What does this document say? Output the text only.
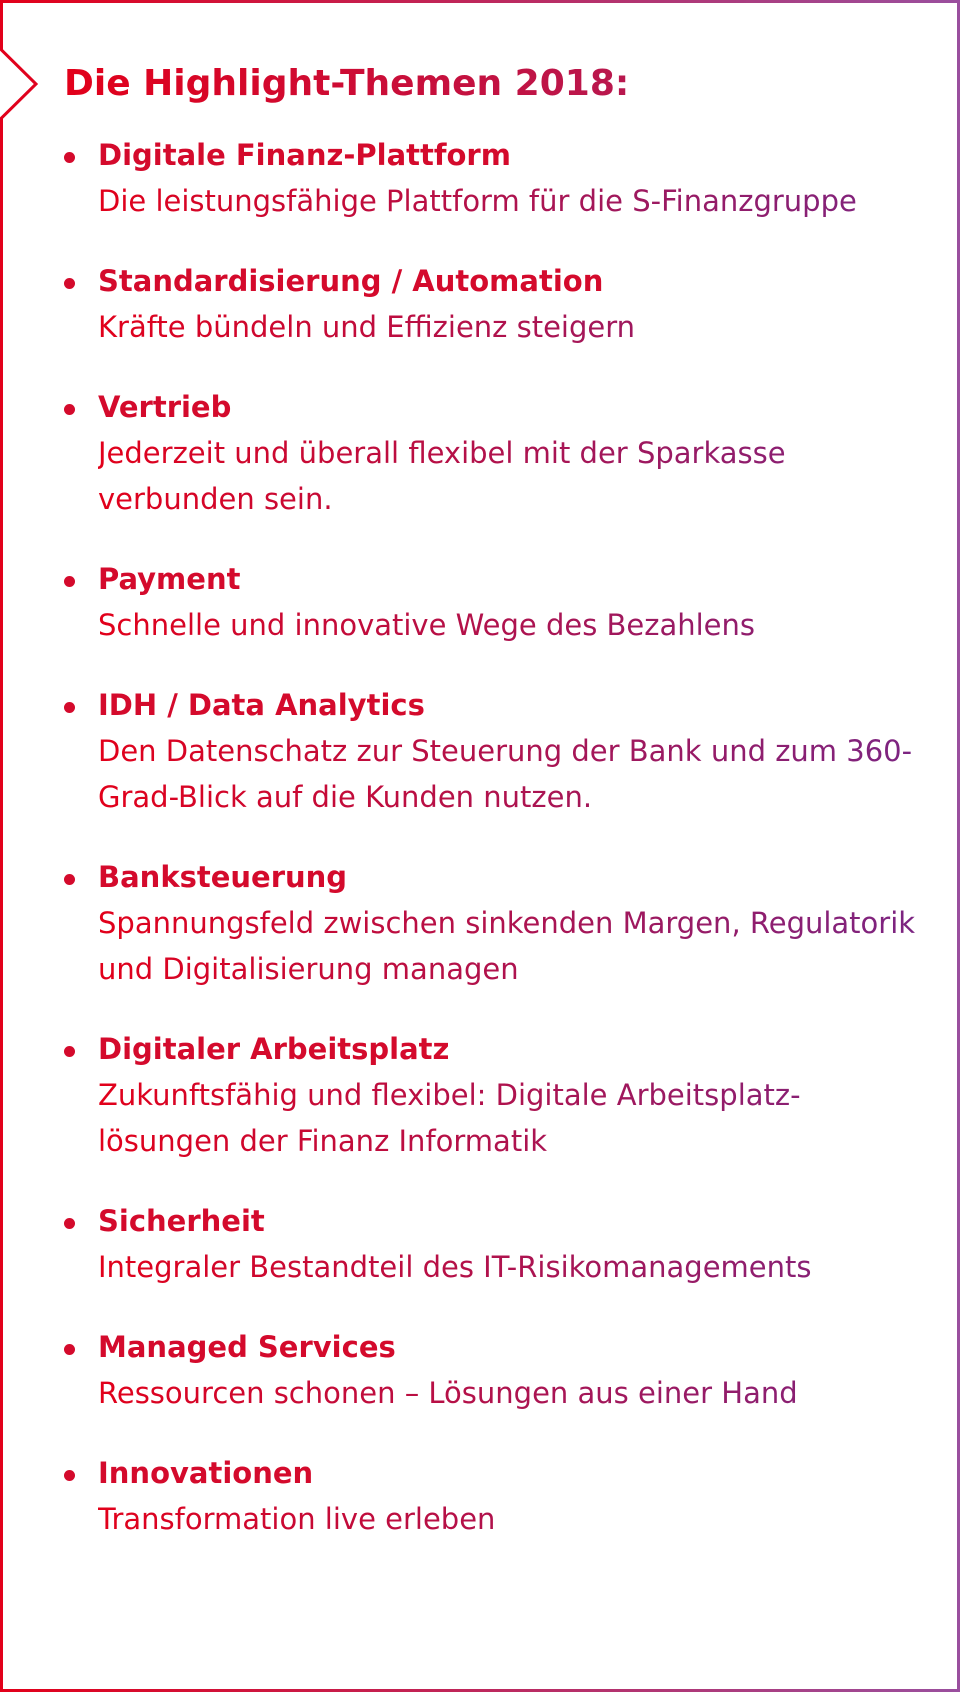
Die Highlight-Themen 2018:
Digitale Finanz-Plattform
Die leistungsfähige Plattform für die S-Finanzgruppe
Standardisierung / Automation
Kräfte bündeln und Effizienz steigern
Vertrieb
Jederzeit und überall flexibel mit der Sparkasse verbunden sein.
Payment
Schnelle und innovative Wege des Bezahlens
IDH / Data Analytics
Den Datenschatz zur Steuerung der Bank und zum 360-Grad-Blick auf die Kunden nutzen.
Banksteuerung
Spannungsfeld zwischen sinkenden Margen, Regulatorik und Digitalisierung managen
Digitaler Arbeitsplatz
Zukunftsfähig und flexibel: Digitale Arbeitsplatz-lösungen der Finanz Informatik
Sicherheit
Integraler Bestandteil des IT-Risikomanagements
Managed Services
Ressourcen schonen – Lösungen aus einer Hand
Innovationen
Transformation live erleben
